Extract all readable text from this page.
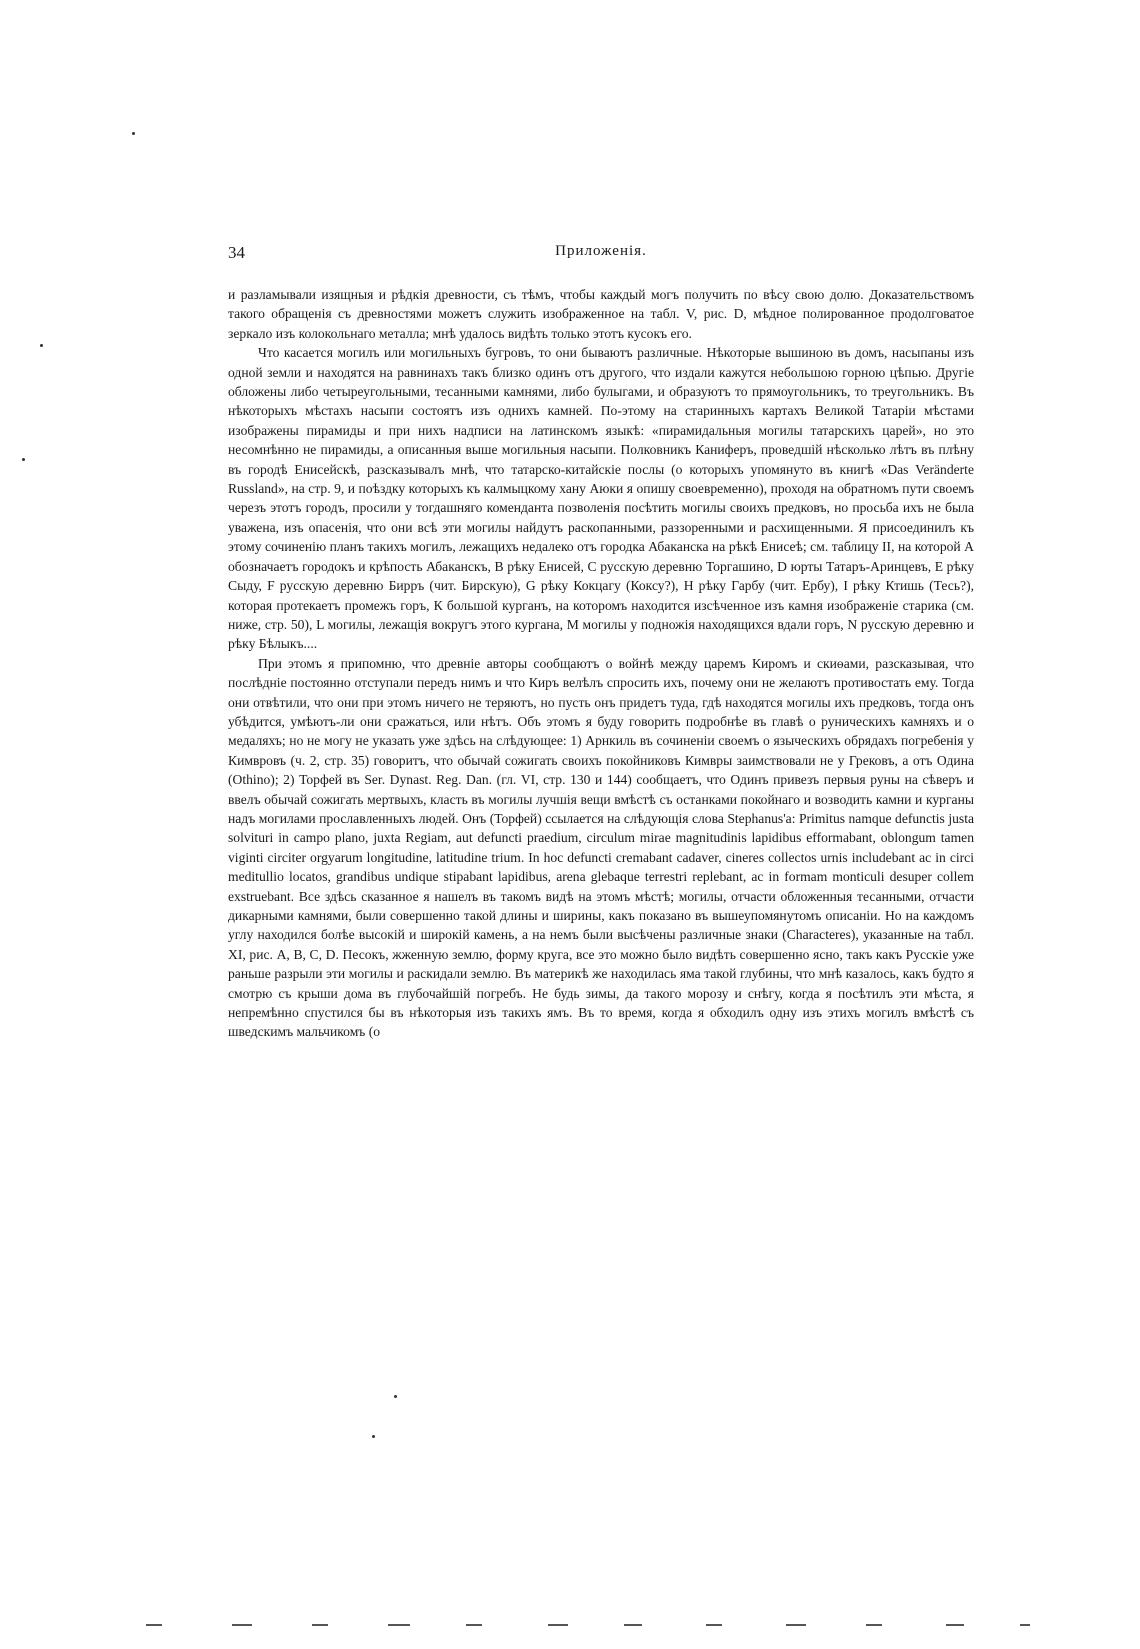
34	Приложенія.

и разламывали изящныя и рѣдкія древности, съ тѣмъ, чтобы каждый могъ получить по вѣсу свою долю. Доказательствомъ такого обращенія съ древностями можетъ служить изображенное на табл. V, рис. D, мѣдное полированное продолговатое зеркало изъ колокольнаго металла; мнѣ удалось видѣть только этотъ кусокъ его.

Что касается могилъ или могильныхъ бугровъ, то они бываютъ различные. Нѣкоторые вышиною въ домъ, насыпаны изъ одной земли и находятся на равнинахъ такъ близко одинъ отъ другого, что издали кажутся небольшою горною цѣпью. Другіе обложены либо четыреугольными, тесанными камнями, либо булыгами, и образуютъ то прямоугольникъ, то треугольникъ. Въ нѣкоторыхъ мѣстахъ насыпи состоятъ изъ однихъ камней. По-этому на старинныхъ картахъ Великой Татаріи мѣстами изображены пирамиды и при нихъ надписи на латинскомъ языкѣ: «пирамидальныя могилы татарскихъ царей», но это несомнѣнно не пирамиды, а описанныя выше могильныя насыпи. Полковникъ Каниферъ, проведшій нѣсколько лѣтъ въ плѣну въ городѣ Енисейскѣ, разсказывалъ мнѣ, что татарско-китайскіе послы (о которыхъ упомянуто въ книгѣ «Das Veränderte Russland», на стр. 9, и поѣздку которыхъ къ калмыцкому хану Аюки я опишу своевременно), проходя на обратномъ пути своемъ черезъ этотъ городъ, просили у тогдашняго коменданта позволенія посѣтить могилы своихъ предковъ, но просьба ихъ не была уважена, изъ опасенія, что они всѣ эти могилы найдутъ раскопанными, раззоренными и расхищенными. Я присоединилъ къ этому сочиненію планъ такихъ могилъ, лежащихъ недалеко отъ городка Абаканска на рѣкѣ Енисеѣ; см. таблицу II, на которой А обозначаетъ городокъ и крѣпость Абаканскъ, В рѣку Енисей, С русскую деревню Торгашино, D юрты Татаръ-Аринцевъ, Е рѣку Сыду, F русскую деревню Бирръ (чит. Бирскую), G рѣку Кокцагу (Коксу?), Н рѣку Гарбу (чит. Ербу), I рѣку Ктишь (Тесь?), которая протекаетъ промежъ горъ, К большой курганъ, на которомъ находится изсѣченное изъ камня изображеніе старика (см. ниже, стр. 50), L могилы, лежащія вокругъ этого кургана, М могилы у подножія находящихся вдали горъ, N русскую деревню и рѣку Бѣлыкъ....

При этомъ я припомню, что древніе авторы сообщаютъ о войнѣ между царемъ Киромъ и скиѳами, разсказывая, что послѣдніе постоянно отступали передъ нимъ и что Киръ велѣлъ спросить ихъ, почему они не желаютъ противостать ему. Тогда они отвѣтили, что они при этомъ ничего не теряютъ, но пусть онъ придетъ туда, гдѣ находятся могилы ихъ предковъ, тогда онъ убѣдится, умѣютъ-ли они сражаться, или нѣтъ. Объ этомъ я буду говорить подробнѣе въ главѣ о руническихъ камняхъ и о медаляхъ; но не могу не указать уже здѣсь на слѣдующее: 1) Арнкиль въ сочиненіи своемъ о языческихъ обрядахъ погребенія у Кимвровъ (ч. 2, стр. 35) говоритъ, что обычай сожигать своихъ покойниковъ Кимвры заимствовали не у Грековъ, а отъ Одина (Othino); 2) Торфей въ Ser. Dynast. Reg. Dan. (гл. VI, стр. 130 и 144) сообщаетъ, что Одинъ привезъ первыя руны на сѣверъ и ввелъ обычай сожигать мертвыхъ, класть въ могилы лучшія вещи вмѣстѣ съ останками покойнаго и возводить камни и курганы надъ могилами прославленныхъ людей. Онъ (Торфей) ссылается на слѣдующія слова Stephanus'а: Primitus namque defunctis justa solvituri in campo plano, juxta Regiam, aut defuncti praedium, circulum mirae magnitudinis lapidibus efformabant, oblongum tamen viginti circiter orgyarum longitudine, latitudine trium. In hoc defuncti cremabant cadaver, cineres collectos urnis includebant ac in circi meditullio locatos, grandibus undique stipabant lapidibus, arena glebaque terrestri replebant, ac in formam monticuli desuper collem exstruebant. Все здѣсь сказанное я нашелъ въ такомъ видѣ на этомъ мѣстѣ; могилы, отчасти обложенныя тесанными, отчасти дикарными камнями, были совершенно такой длины и ширины, какъ показано въ вышеупомянутомъ описаніи. Но на каждомъ углу находился болѣе высокій и широкій камень, а на немъ были высѣчены различные знаки (Characteres), указанные на табл. XI, рис. А, В, С, D. Песокъ, жженную землю, форму круга, все это можно было видѣть совершенно ясно, такъ какъ Русскіе уже раньше разрыли эти могилы и раскидали землю. Въ материкѣ же находилась яма такой глубины, что мнѣ казалось, какъ будто я смотрю съ крыши дома въ глубочайшій погребъ. Не будь зимы, да такого морозу и снѣгу, когда я посѣтилъ эти мѣста, я непремѣнно спустился бы въ нѣкоторыя изъ такихъ ямъ. Въ то время, когда я обходилъ одну изъ этихъ могилъ вмѣстѣ съ шведскимъ мальчикомъ (о
